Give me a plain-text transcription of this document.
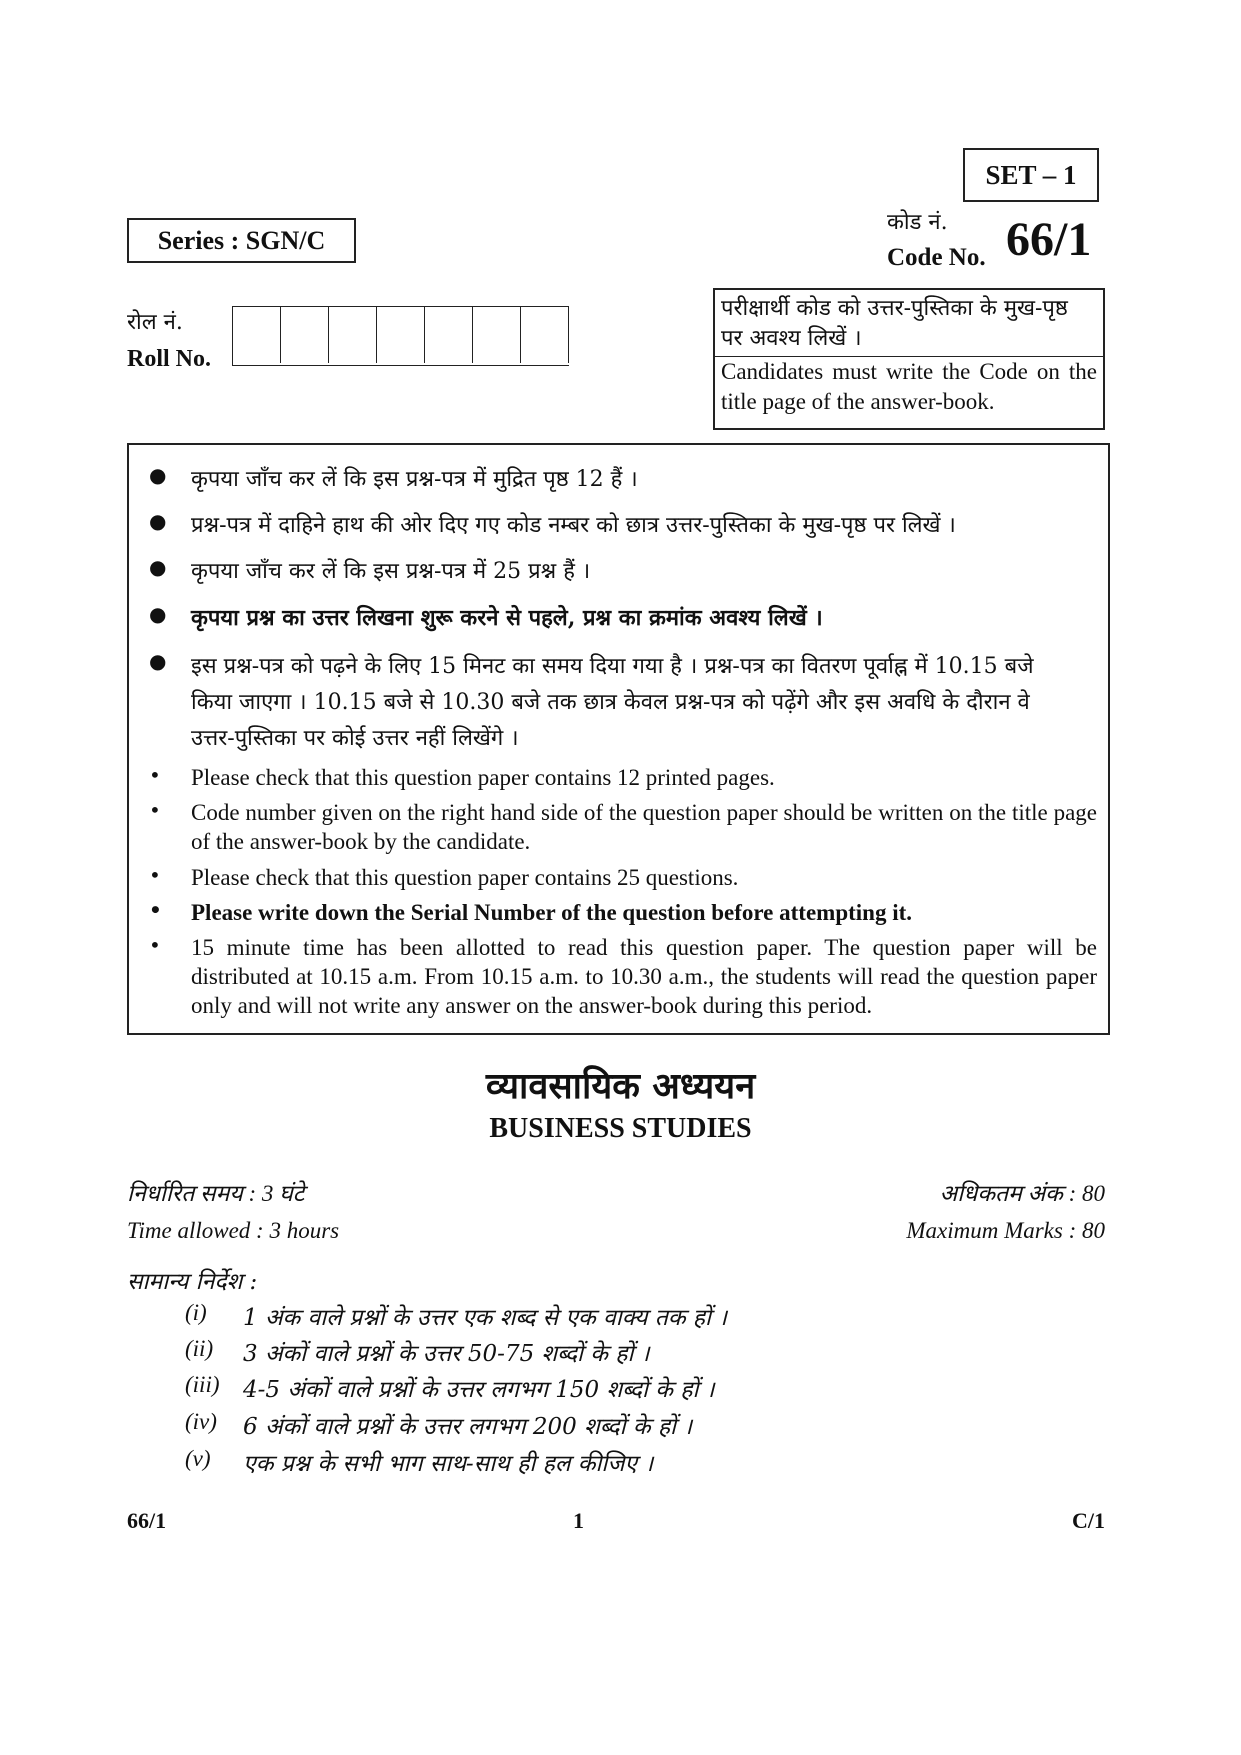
SET – 1
Series : SGN/C
कोड नं.
Code No. 66/1
रोल नं.
Roll No.
परीक्षार्थी कोड को उत्तर-पुस्तिका के मुख-पृष्ठ
पर अवश्य लिखें ।
Candidates must write the Code on the title page of the answer-book.
● कृपया जाँच कर लें कि इस प्रश्न-पत्र में मुद्रित पृष्ठ 12 हैं ।
● प्रश्न-पत्र में दाहिने हाथ की ओर दिए गए कोड नम्बर को छात्र उत्तर-पुस्तिका के मुख-पृष्ठ पर लिखें ।
● कृपया जाँच कर लें कि इस प्रश्न-पत्र में 25 प्रश्न हैं ।
● कृपया प्रश्न का उत्तर लिखना शुरू करने से पहले, प्रश्न का क्रमांक अवश्य लिखें ।
● इस प्रश्न-पत्र को पढ़ने के लिए 15 मिनट का समय दिया गया है । प्रश्न-पत्र का वितरण पूर्वाह्न में 10.15 बजे
किया जाएगा । 10.15 बजे से 10.30 बजे तक छात्र केवल प्रश्न-पत्र को पढ़ेंगे और इस अवधि के दौरान वे
उत्तर-पुस्तिका पर कोई उत्तर नहीं लिखेंगे ।
• Please check that this question paper contains 12 printed pages.
• Code number given on the right hand side of the question paper should be written on the title page of the answer-book by the candidate.
• Please check that this question paper contains 25 questions.
• Please write down the Serial Number of the question before attempting it.
• 15 minute time has been allotted to read this question paper. The question paper will be distributed at 10.15 a.m. From 10.15 a.m. to 10.30 a.m., the students will read the question paper only and will not write any answer on the answer-book during this period.
व्यावसायिक अध्ययन
BUSINESS STUDIES
निर्धारित समय : 3 घंटे
Time allowed : 3 hours
अधिकतम अंक : 80
Maximum Marks : 80
सामान्य निर्देश :
(i) 1 अंक वाले प्रश्नों के उत्तर एक शब्द से एक वाक्य तक हों ।
(ii) 3 अंकों वाले प्रश्नों के उत्तर 50-75 शब्दों के हों ।
(iii) 4-5 अंकों वाले प्रश्नों के उत्तर लगभग 150 शब्दों के हों ।
(iv) 6 अंकों वाले प्रश्नों के उत्तर लगभग 200 शब्दों के हों ।
(v) एक प्रश्न के सभी भाग साथ-साथ ही हल कीजिए ।
66/1	1	C/1
